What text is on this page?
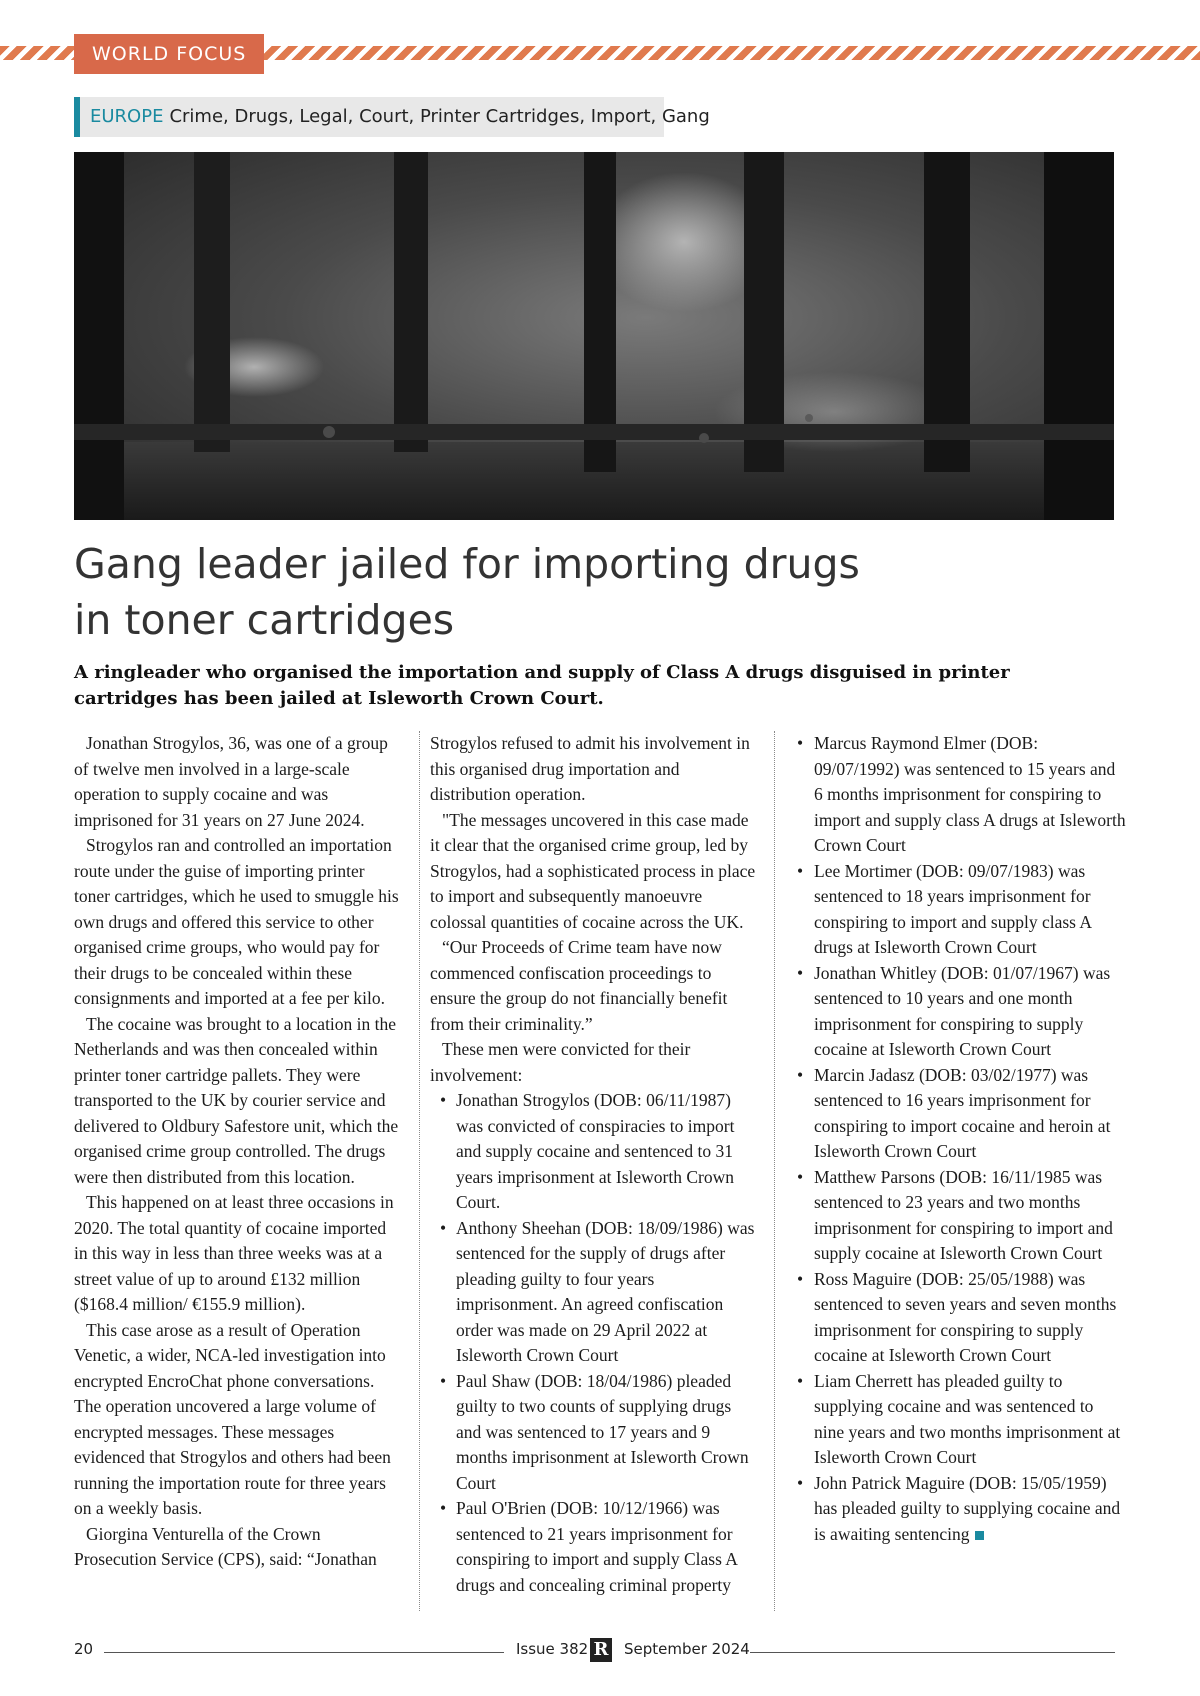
WORLD FOCUS
EUROPE Crime, Drugs, Legal, Court, Printer Cartridges, Import, Gang
Gang leader jailed for importing drugs
in toner cartridges

A ringleader who organised the importation and supply of Class A drugs disguised in printer cartridges has been jailed at Isleworth Crown Court.

Jonathan Strogylos, 36, was one of a group of twelve men involved in a large-scale operation to supply cocaine and was imprisoned for 31 years on 27 June 2024.

Strogylos ran and controlled an importation route under the guise of importing printer toner cartridges, which he used to smuggle his own drugs and offered this service to other organised crime groups, who would pay for their drugs to be concealed within these consignments and imported at a fee per kilo.

The cocaine was brought to a location in the Netherlands and was then concealed within printer toner cartridge pallets. They were transported to the UK by courier service and delivered to Oldbury Safestore unit, which the organised crime group controlled. The drugs were then distributed from this location.

This happened on at least three occasions in 2020. The total quantity of cocaine imported in this way in less than three weeks was at a street value of up to around £132 million ($168.4 million/ €155.9 million).

This case arose as a result of Operation Venetic, a wider, NCA-led investigation into encrypted EncroChat phone conversations. The operation uncovered a large volume of encrypted messages. These messages evidenced that Strogylos and others had been running the importation route for three years on a weekly basis.

Giorgina Venturella of the Crown Prosecution Service (CPS), said: “Jonathan

Strogylos refused to admit his involvement in this organised drug importation and distribution operation.

"The messages uncovered in this case made it clear that the organised crime group, led by Strogylos, had a sophisticated process in place to import and subsequently manoeuvre colossal quantities of cocaine across the UK.

“Our Proceeds of Crime team have now commenced confiscation proceedings to ensure the group do not financially benefit from their criminality.”

These men were convicted for their involvement:

• Jonathan Strogylos (DOB: 06/11/1987) was convicted of conspiracies to import and supply cocaine and sentenced to 31 years imprisonment at Isleworth Crown Court.
• Anthony Sheehan (DOB: 18/09/1986) was sentenced for the supply of drugs after pleading guilty to four years imprisonment. An agreed confiscation order was made on 29 April 2022 at Isleworth Crown Court
• Paul Shaw (DOB: 18/04/1986) pleaded guilty to two counts of supplying drugs and was sentenced to 17 years and 9 months imprisonment at Isleworth Crown Court
• Paul O'Brien (DOB: 10/12/1966) was sentenced to 21 years imprisonment for conspiring to import and supply Class A drugs and concealing criminal property
• Marcus Raymond Elmer (DOB: 09/07/1992) was sentenced to 15 years and 6 months imprisonment for conspiring to import and supply class A drugs at Isleworth Crown Court
• Lee Mortimer (DOB: 09/07/1983) was sentenced to 18 years imprisonment for conspiring to import and supply class A drugs at Isleworth Crown Court
• Jonathan Whitley (DOB: 01/07/1967) was sentenced to 10 years and one month imprisonment for conspiring to supply cocaine at Isleworth Crown Court
• Marcin Jadasz (DOB: 03/02/1977) was sentenced to 16 years imprisonment for conspiring to import cocaine and heroin at Isleworth Crown Court
• Matthew Parsons (DOB: 16/11/1985 was sentenced to 23 years and two months imprisonment for conspiring to import and supply cocaine at Isleworth Crown Court
• Ross Maguire (DOB: 25/05/1988) was sentenced to seven years and seven months imprisonment for conspiring to supply cocaine at Isleworth Crown Court
• Liam Cherrett has pleaded guilty to supplying cocaine and was sentenced to nine years and two months imprisonment at Isleworth Crown Court
• John Patrick Maguire (DOB: 15/05/1959) has pleaded guilty to supplying cocaine and is awaiting sentencing
20	Issue 382 R September 2024
